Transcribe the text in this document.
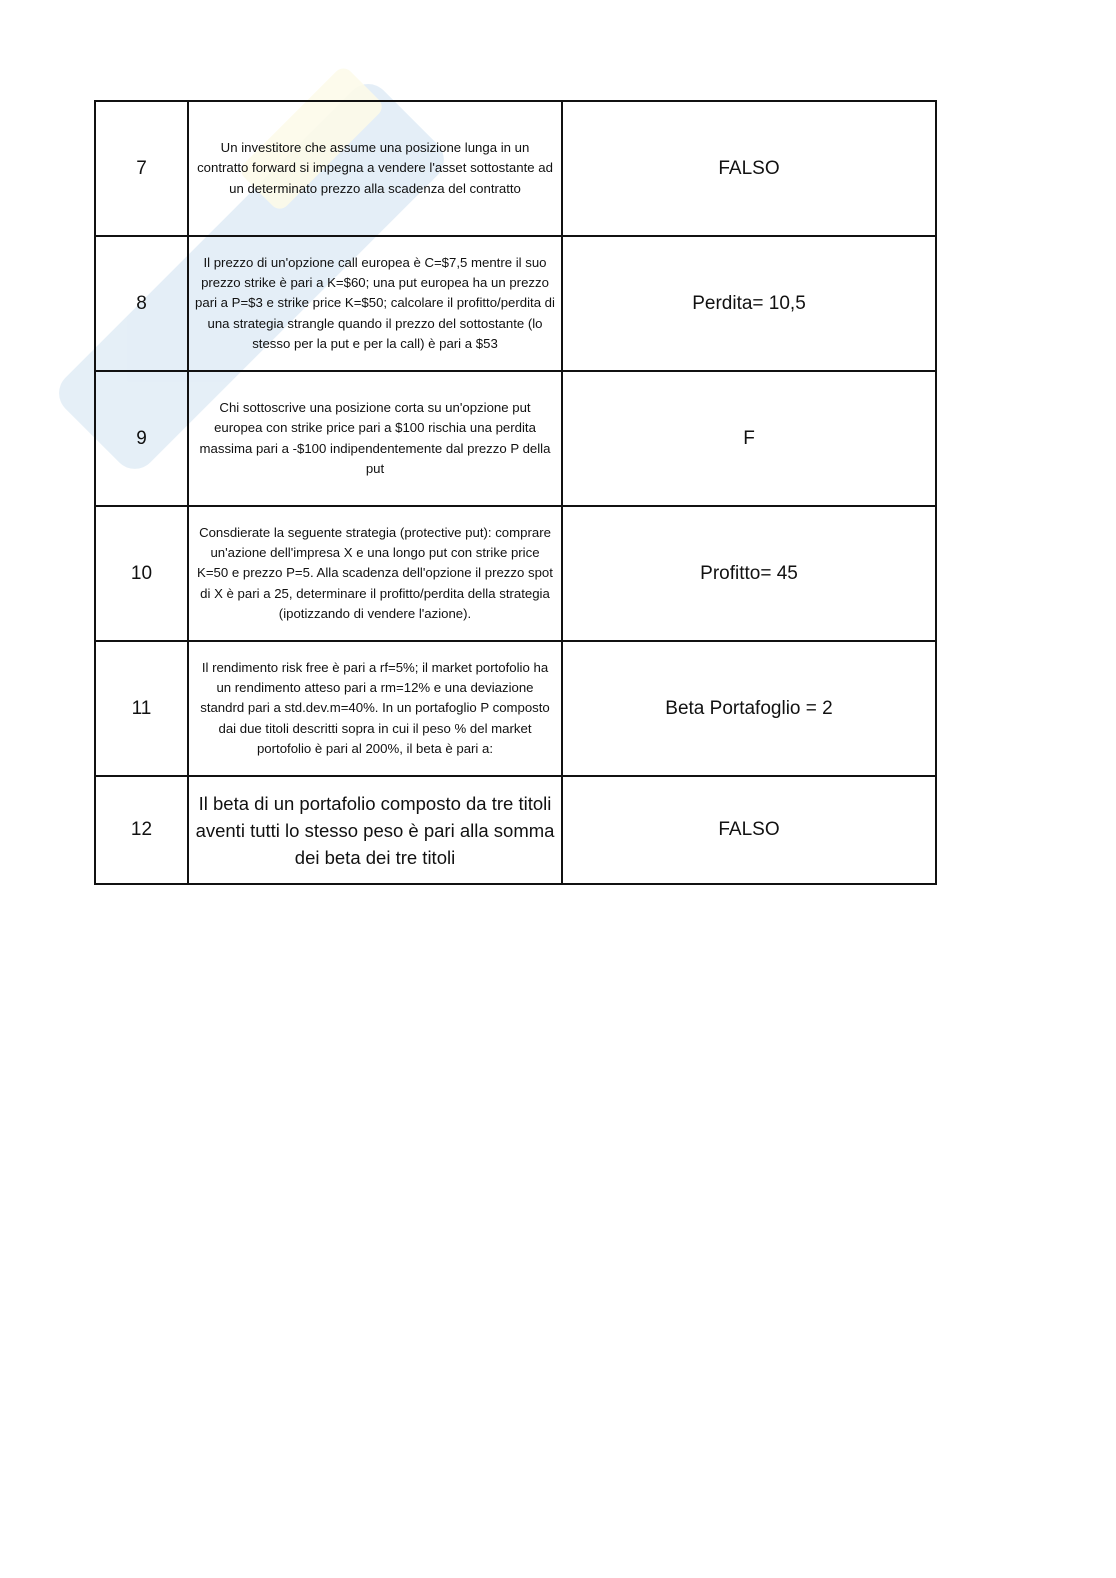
7	Un investitore che assume una posizione lunga in un contratto forward si impegna a vendere l'asset sottostante ad un determinato prezzo alla scadenza del contratto	FALSO
8	Il prezzo di un'opzione call europea è C=$7,5 mentre il suo prezzo strike è pari a K=$60; una put europea ha un prezzo pari a P=$3 e strike price K=$50; calcolare il profitto/perdita di una strategia strangle quando il prezzo del sottostante (lo stesso per la put e per la call) è pari a $53	Perdita= 10,5
9	Chi sottoscrive una posizione corta su un'opzione put europea con strike price pari a $100 rischia una perdita massima pari a -$100 indipendentemente dal prezzo P della put	F
10	Consdierate la seguente strategia (protective put): comprare un'azione dell'impresa X e una longo put con strike price K=50 e prezzo P=5. Alla scadenza dell'opzione il prezzo spot di X è pari a 25, determinare il profitto/perdita della strategia (ipotizzando di vendere l'azione).	Profitto= 45
11	Il rendimento risk free è pari a rf=5%; il market portofolio ha un rendimento atteso pari a rm=12% e una deviazione standrd pari a std.dev.m=40%. In un portafoglio P composto dai due titoli descritti sopra in cui il peso % del market portofolio è pari al 200%, il beta è pari a:	Beta Portafoglio = 2
12	Il beta di un portafolio composto da tre titoli aventi tutti lo stesso peso è pari alla somma dei beta dei tre titoli	FALSO
